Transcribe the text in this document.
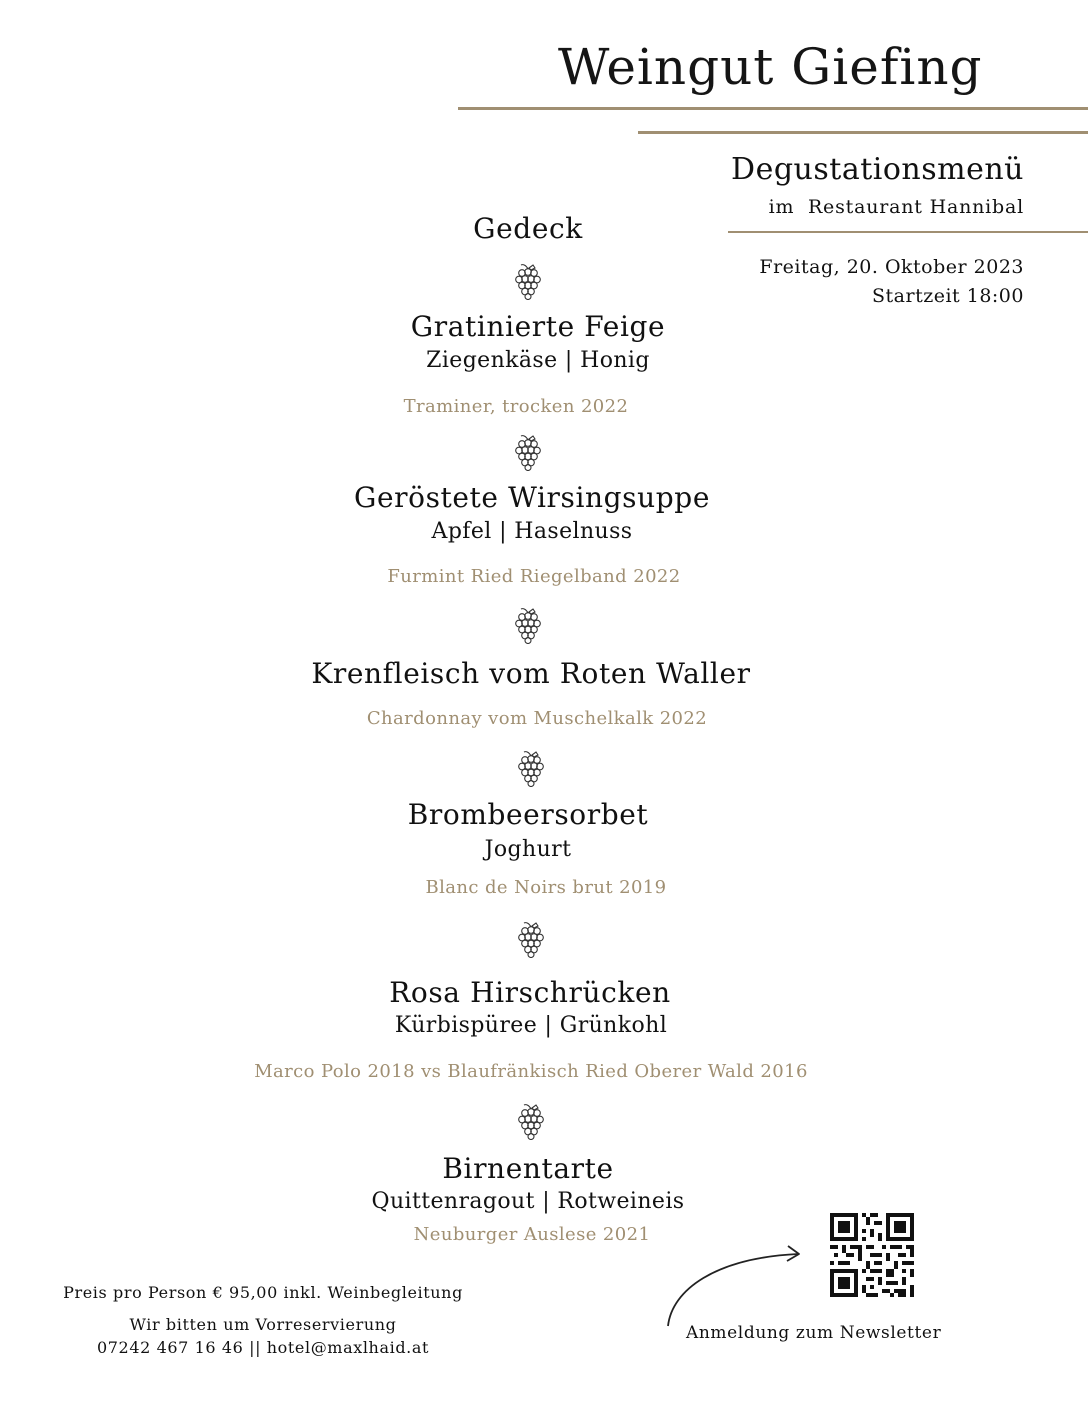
Weingut Giefing
Degustationsmenü
im  Restaurant Hannibal
Freitag, 20. Oktober 2023
Startzeit 18:00
Gedeck
Gratinierte Feige
Ziegenkäse | Honig
Traminer, trocken 2022
Geröstete Wirsingsuppe
Apfel | Haselnuss
Furmint Ried Riegelband 2022
Krenfleisch vom Roten Waller
Chardonnay vom Muschelkalk 2022
Brombeersorbet
Joghurt
Blanc de Noirs brut 2019
Rosa Hirschrücken
Kürbispüree | Grünkohl
Marco Polo 2018 vs Blaufränkisch Ried Oberer Wald 2016
Birnentarte
Quittenragout | Rotweineis
Neuburger Auslese 2021
Preis pro Person € 95,00 inkl. Weinbegleitung
Wir bitten um Vorreservierung
07242 467 16 46 || hotel@maxlhaid.at
Anmeldung zum Newsletter
